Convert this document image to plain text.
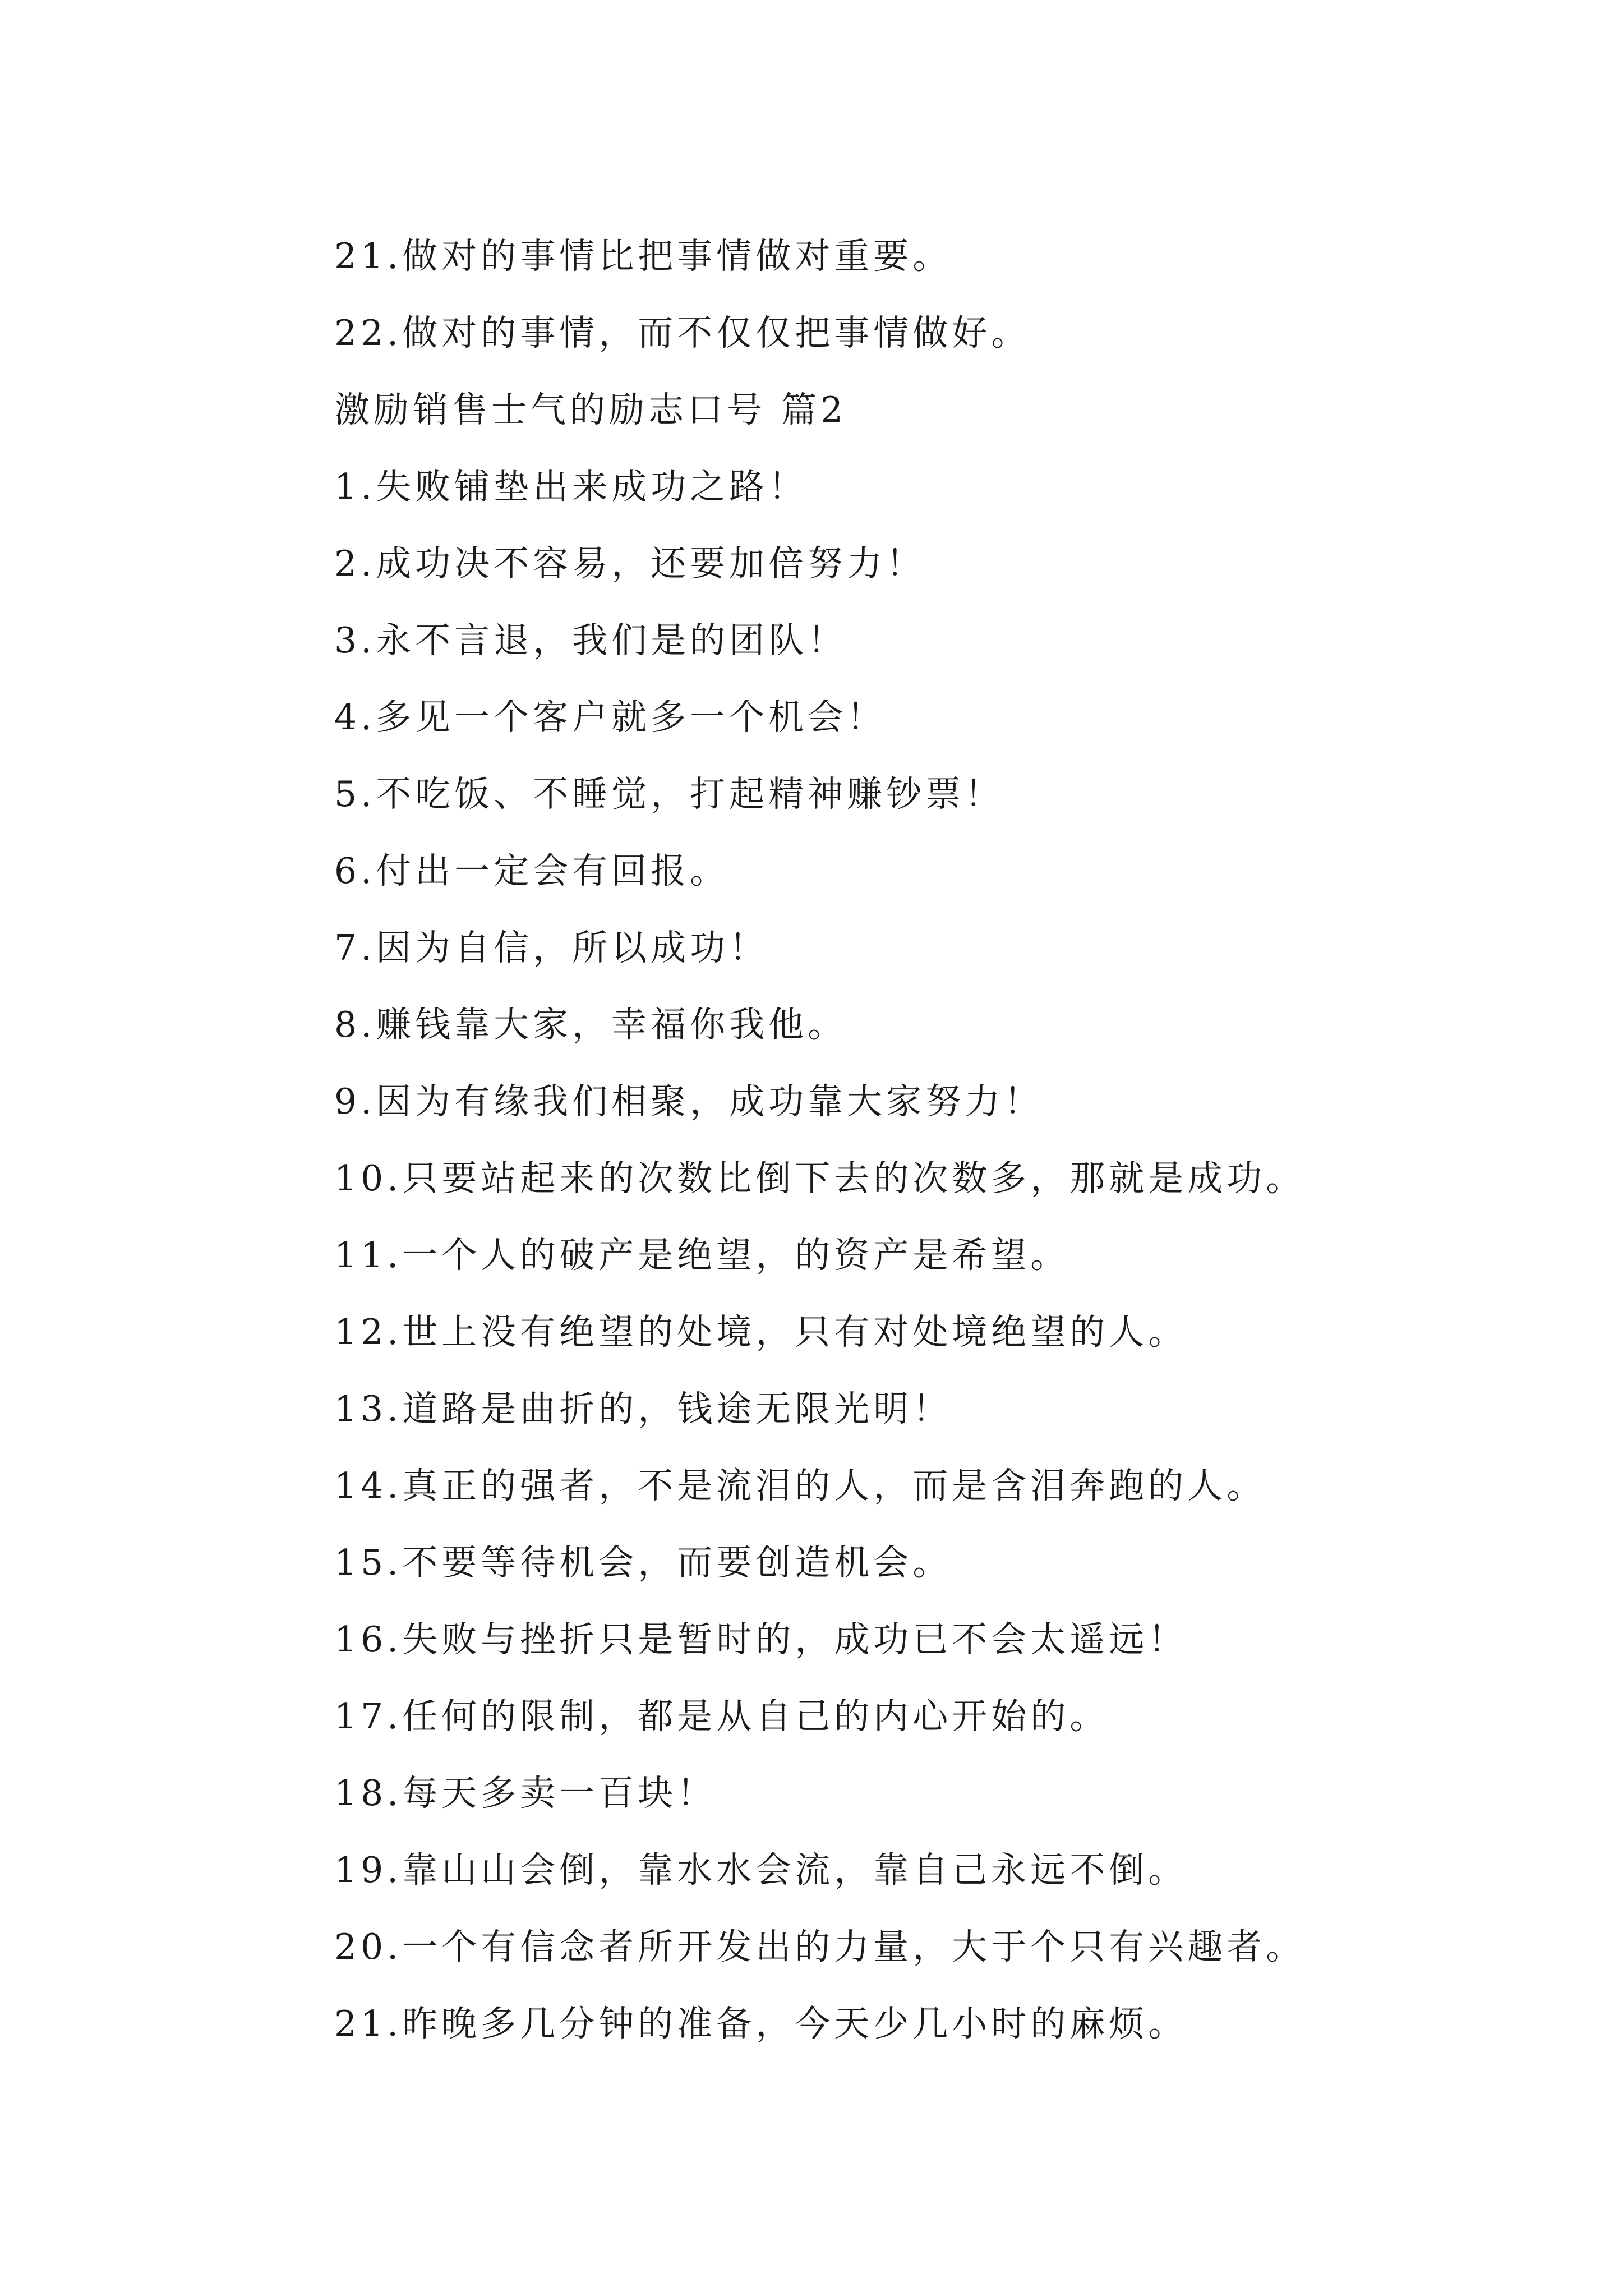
21.做对的事情比把事情做对重要。
22.做对的事情，而不仅仅把事情做好。
激励销售士气的励志口号 篇2
1.失败铺垫出来成功之路！
2.成功决不容易，还要加倍努力！
3.永不言退，我们是的团队！
4.多见一个客户就多一个机会！
5.不吃饭、不睡觉，打起精神赚钞票！
6.付出一定会有回报。
7.因为自信，所以成功！
8.赚钱靠大家，幸福你我他。
9.因为有缘我们相聚，成功靠大家努力！
10.只要站起来的次数比倒下去的次数多，那就是成功。
11.一个人的破产是绝望，的资产是希望。
12.世上没有绝望的处境，只有对处境绝望的人。
13.道路是曲折的，钱途无限光明！
14.真正的强者，不是流泪的人，而是含泪奔跑的人。
15.不要等待机会，而要创造机会。
16.失败与挫折只是暂时的，成功已不会太遥远！
17.任何的限制，都是从自己的内心开始的。
18.每天多卖一百块！
19.靠山山会倒，靠水水会流，靠自己永远不倒。
20.一个有信念者所开发出的力量，大于个只有兴趣者。
21.昨晚多几分钟的准备，今天少几小时的麻烦。
